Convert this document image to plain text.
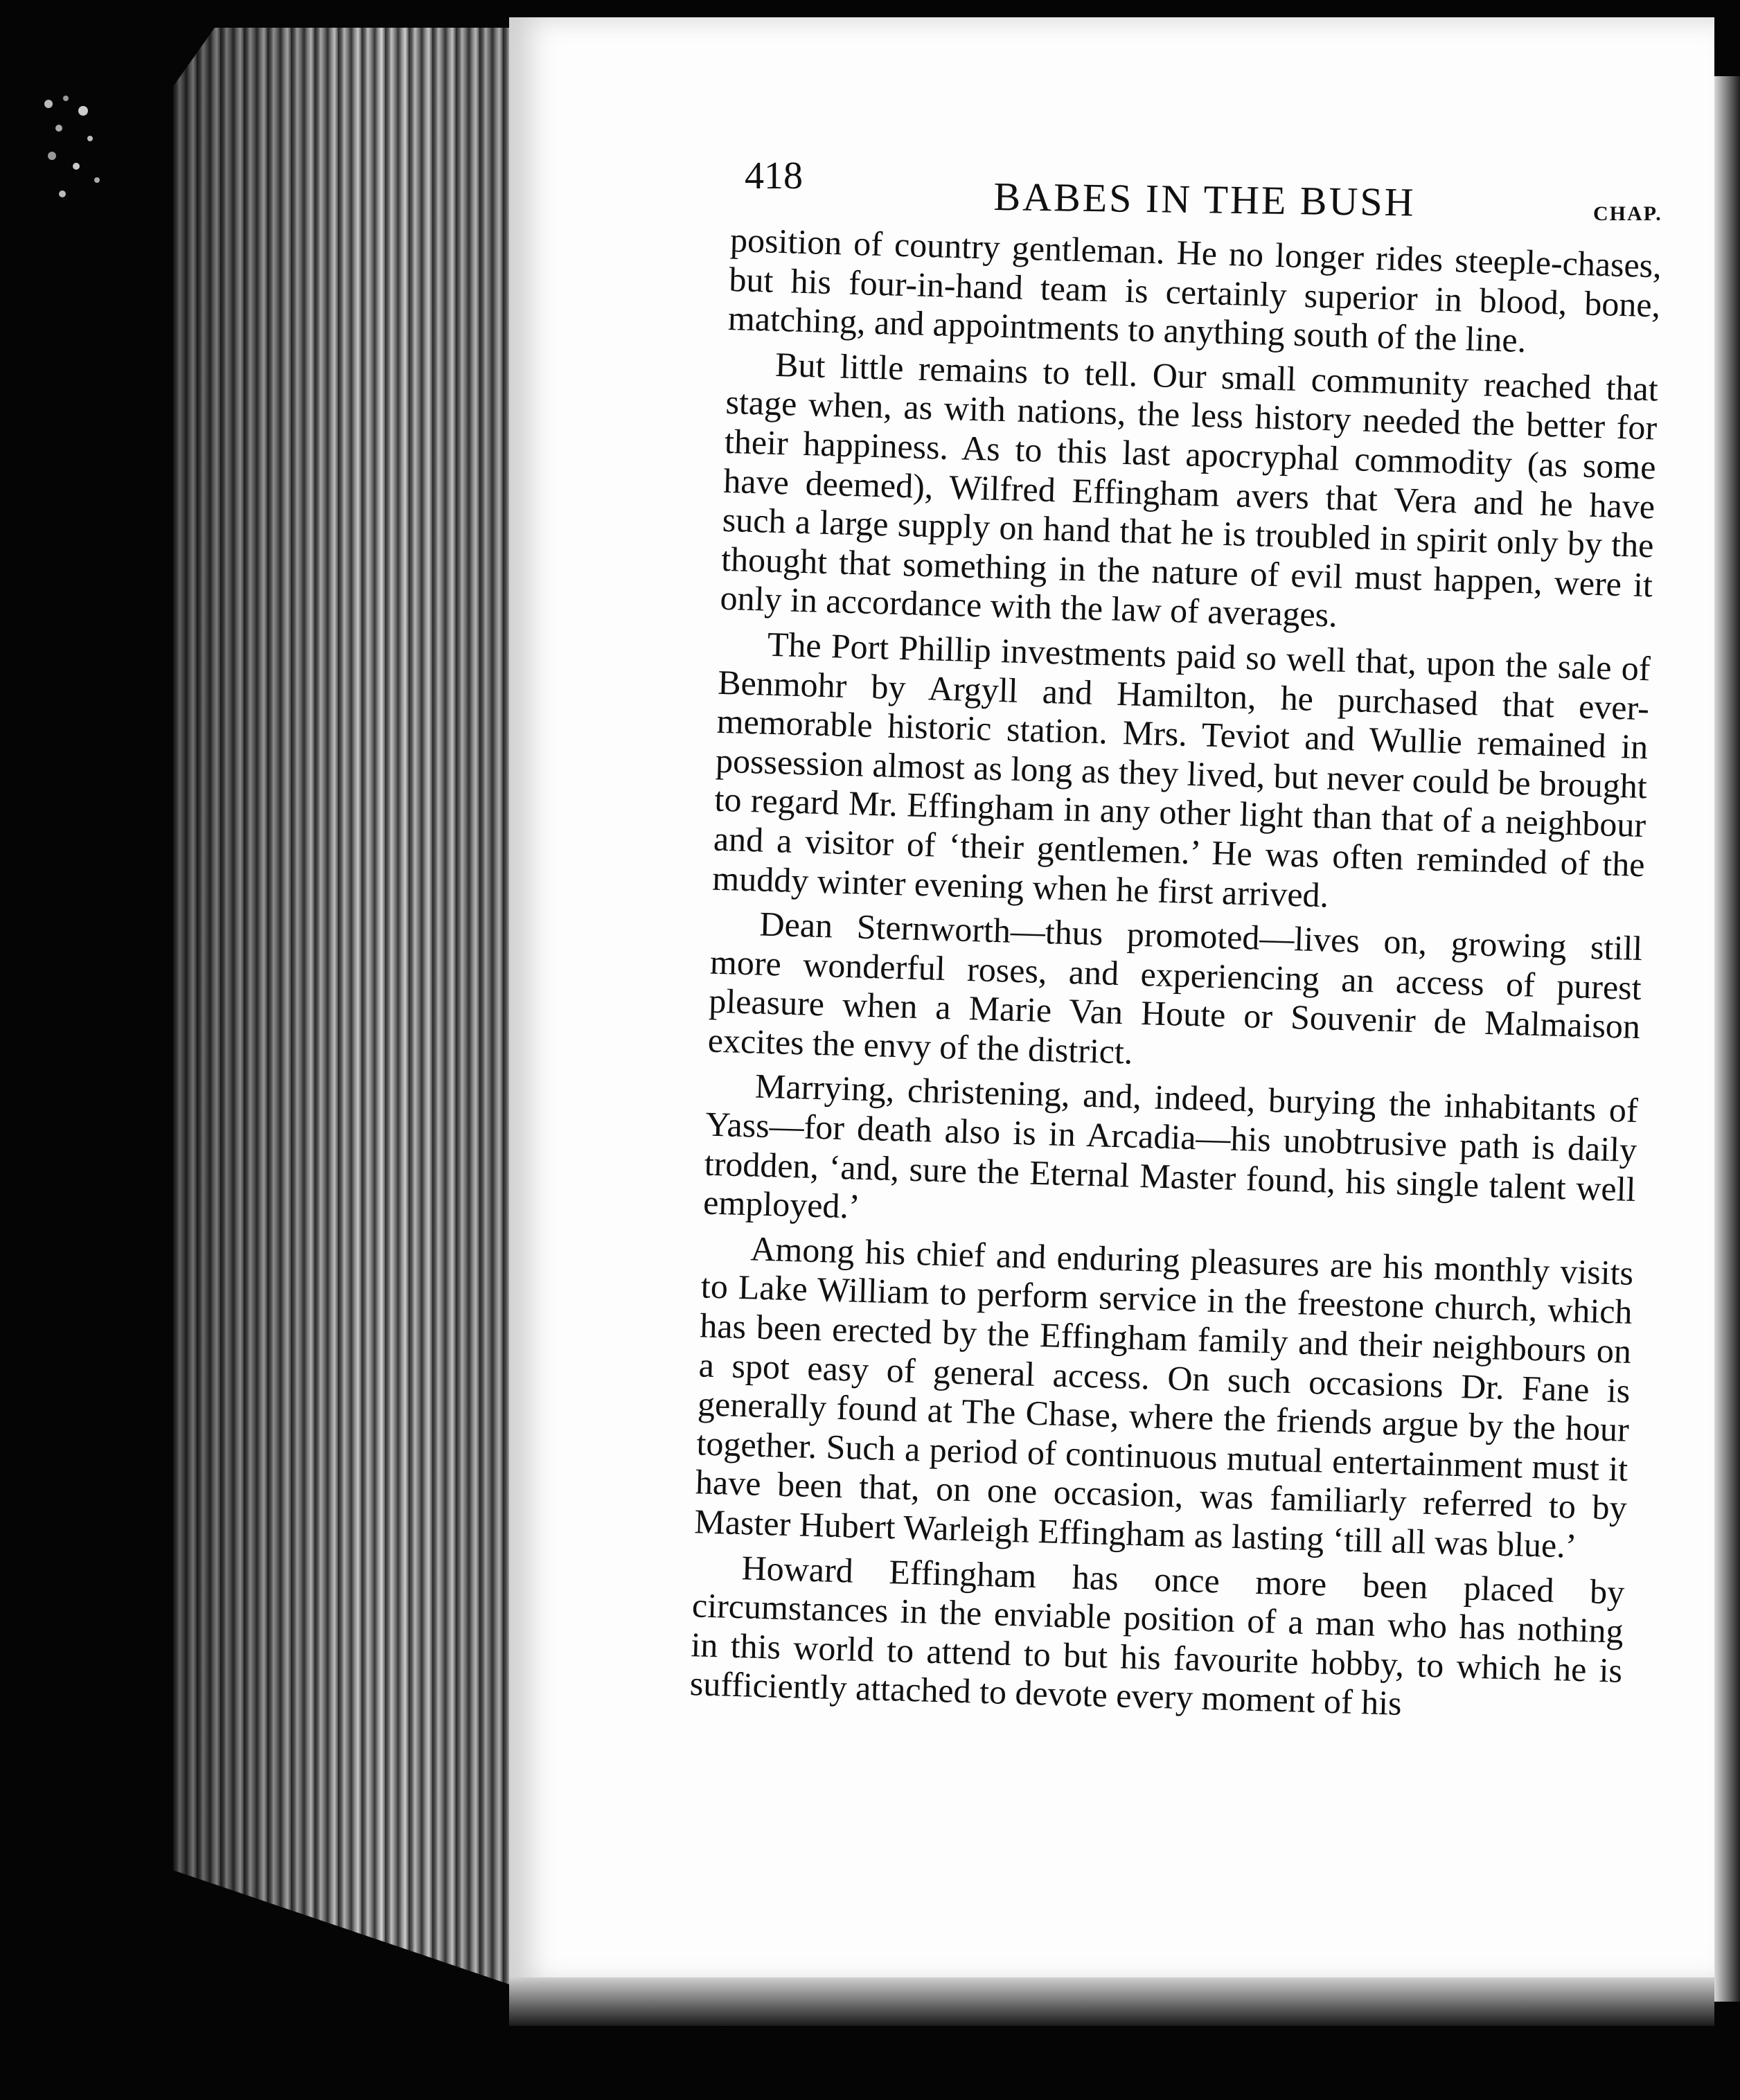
418	BABES IN THE BUSH	CHAP.

position of country gentleman. He no longer rides steeple-chases, but his four-in-hand team is certainly superior in blood, bone, matching, and appointments to anything south of the line.

But little remains to tell. Our small community reached that stage when, as with nations, the less history needed the better for their happiness. As to this last apocryphal commodity (as some have deemed), Wilfred Effingham avers that Vera and he have such a large supply on hand that he is troubled in spirit only by the thought that something in the nature of evil must happen, were it only in accordance with the law of averages.

The Port Phillip investments paid so well that, upon the sale of Benmohr by Argyll and Hamilton, he purchased that ever-memorable historic station. Mrs. Teviot and Wullie remained in possession almost as long as they lived, but never could be brought to regard Mr. Effingham in any other light than that of a neighbour and a visitor of ‘their gentlemen.’ He was often reminded of the muddy winter evening when he first arrived.

Dean Sternworth—thus promoted—lives on, growing still more wonderful roses, and experiencing an access of purest pleasure when a Marie Van Houte or Souvenir de Malmaison excites the envy of the district.

Marrying, christening, and, indeed, burying the inhabitants of Yass—for death also is in Arcadia—his unobtrusive path is daily trodden, ‘and, sure the Eternal Master found, his single talent well employed.’

Among his chief and enduring pleasures are his monthly visits to Lake William to perform service in the freestone church, which has been erected by the Effingham family and their neighbours on a spot easy of general access. On such occasions Dr. Fane is generally found at The Chase, where the friends argue by the hour together. Such a period of continuous mutual entertainment must it have been that, on one occasion, was familiarly referred to by Master Hubert Warleigh Effingham as lasting ‘till all was blue.’

Howard Effingham has once more been placed by circumstances in the enviable position of a man who has nothing in this world to attend to but his favourite hobby, to which he is sufficiently attached to devote every moment of his
